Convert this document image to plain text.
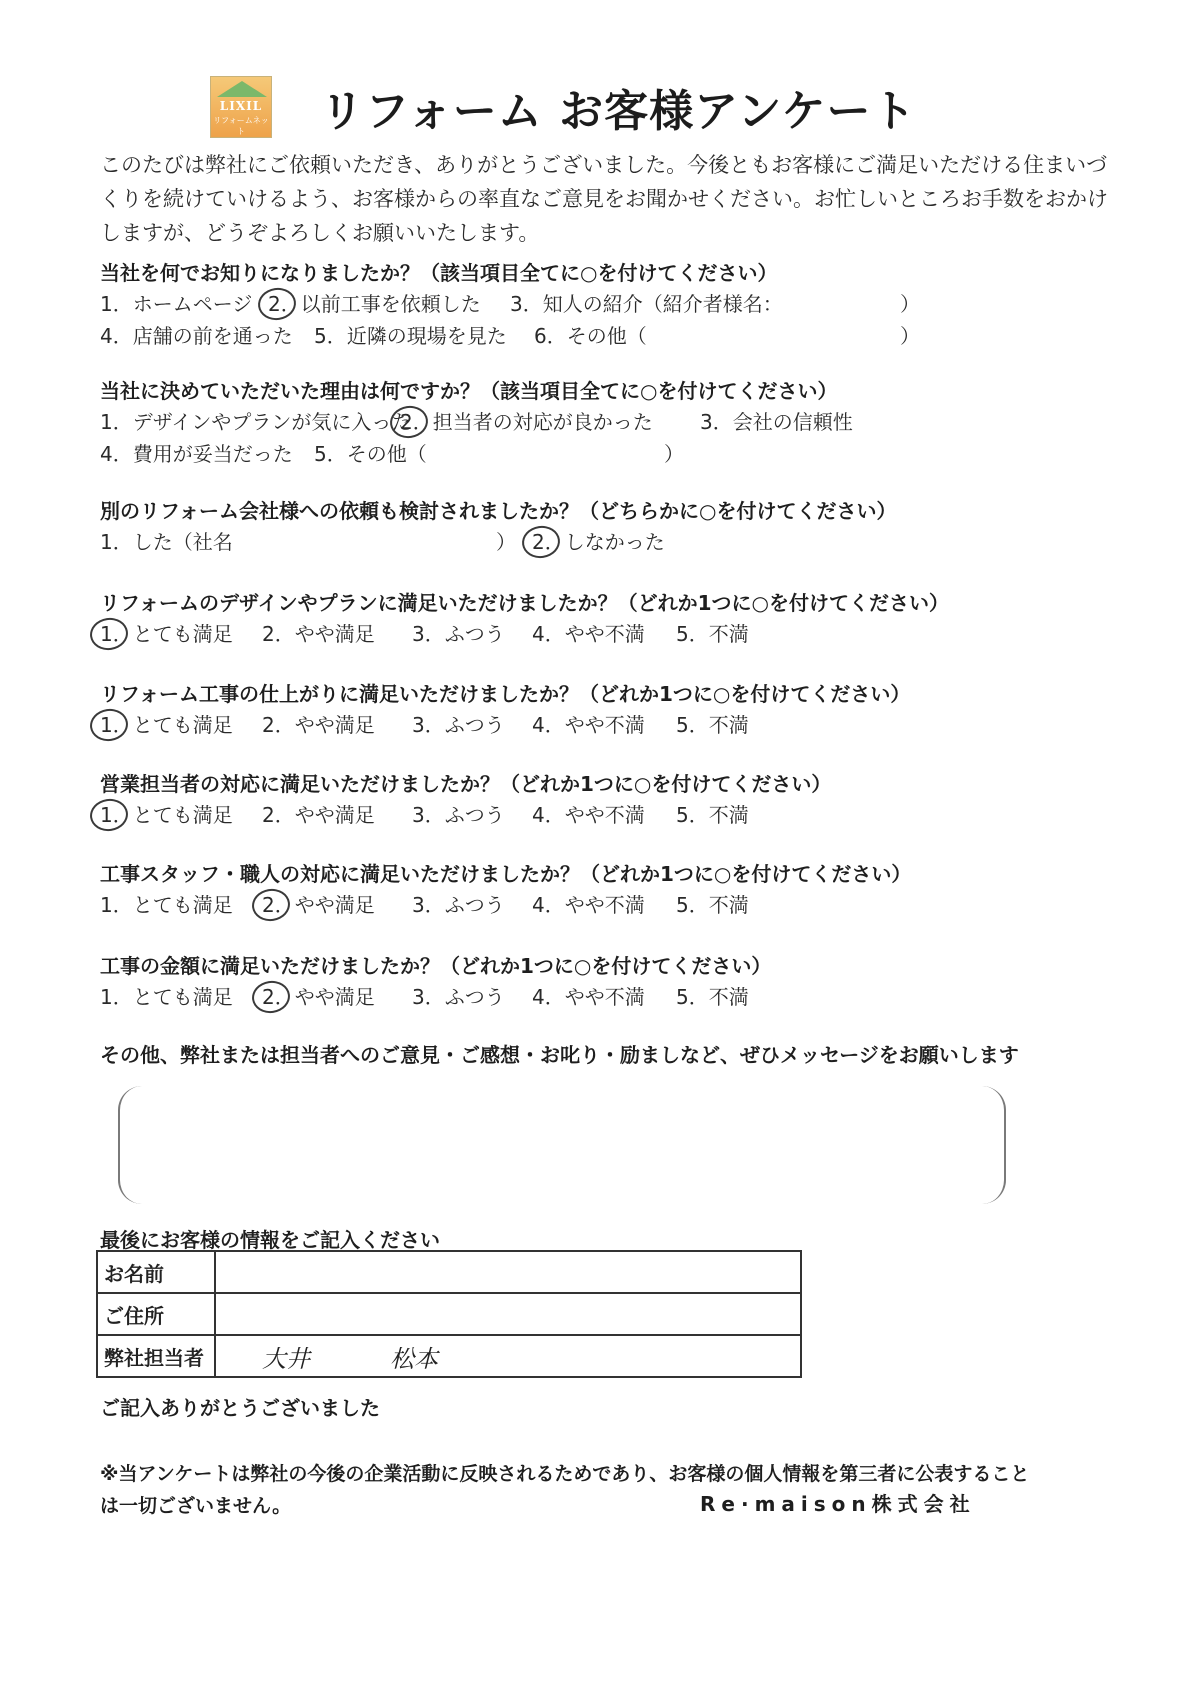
LIXIL
リフォームネット	リフォーム お客様アンケート

このたびは弊社にご依頼いただき、ありがとうございました。今後ともお客様にご満足いただける住まいづくりを続けていけるよう、お客様からの率直なご意見をお聞かせください。お忙しいところお手数をおかけしますが、どうぞよろしくお願いいたします。

当社を何でお知りになりましたか？（該当項目全てに○を付けてください）
1．ホームページ 2．以前工事を依頼した 3．知人の紹介（紹介者様名：	）
4．店舗の前を通った 5．近隣の現場を見た 6．その他（	）
当社に決めていただいた理由は何ですか？（該当項目全てに○を付けてください）
1．デザインやプランが気に入った
2．担当者の対応が良かった 3．会社の信頼性
4．費用が妥当だった 5．その他（	）
別のリフォーム会社様への依頼も検討されましたか？（どちらかに○を付けてください）
1．した（社名	） 2．しなかった
リフォームのデザインやプランに満足いただけましたか？（どれか1つに○を付けてください）
1．とても満足 2．やや満足 3．ふつう 4．やや不満 5．不満
リフォーム工事の仕上がりに満足いただけましたか？（どれか1つに○を付けてください）
1．とても満足 2．やや満足 3．ふつう 4．やや不満 5．不満
営業担当者の対応に満足いただけましたか？（どれか1つに○を付けてください）
1．とても満足 2．やや満足 3．ふつう 4．やや不満 5．不満
工事スタッフ・職人の対応に満足いただけましたか？（どれか1つに○を付けてください）
1．とても満足 2．やや満足 3．ふつう 4．やや不満 5．不満
工事の金額に満足いただけましたか？（どれか1つに○を付けてください）
1．とても満足 2．やや満足 3．ふつう 4．やや不満 5．不満
その他、弊社または担当者へのご意見・ご感想・お叱り・励ましなど、ぜひメッセージをお願いします
最後にお客様の情報をご記入ください
お名前	
ご住所	
弊社担当者	大井 松本
ご記入ありがとうございました

※当アンケートは弊社の今後の企業活動に反映されるためであり、お客様の個人情報を第三者に公表することは一切ございません。	Re·maison株式会社
